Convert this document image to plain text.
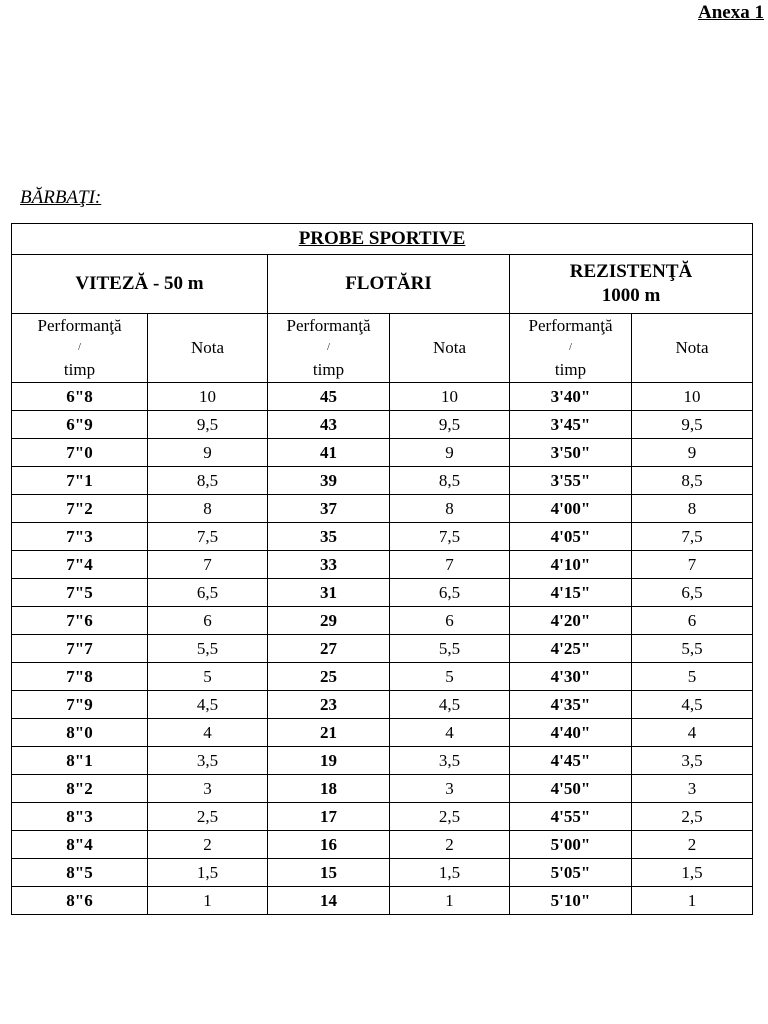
Anexa 1
BĂRBAŢI:
PROBE SPORTIVE					
VITEZĂ - 50 m		FLOTĂRI		REZISTENŢĂ
1000 m	

Performanţă
/
timp	Nota	Performanţă
/
timp	Nota	Performanţă
/
timp	Nota
6"8	10	45	10	3'40"	10
6"9	9,5	43	9,5	3'45"	9,5
7"0	9	41	9	3'50"	9
7"1	8,5	39	8,5	3'55"	8,5
7"2	8	37	8	4'00"	8
7"3	7,5	35	7,5	4'05"	7,5
7"4	7	33	7	4'10"	7
7"5	6,5	31	6,5	4'15"	6,5
7"6	6	29	6	4'20"	6
7"7	5,5	27	5,5	4'25"	5,5
7"8	5	25	5	4'30"	5
7"9	4,5	23	4,5	4'35"	4,5
8"0	4	21	4	4'40"	4
8"1	3,5	19	3,5	4'45"	3,5
8"2	3	18	3	4'50"	3
8"3	2,5	17	2,5	4'55"	2,5
8"4	2	16	2	5'00"	2
8"5	1,5	15	1,5	5'05"	1,5
8"6	1	14	1	5'10"	1
